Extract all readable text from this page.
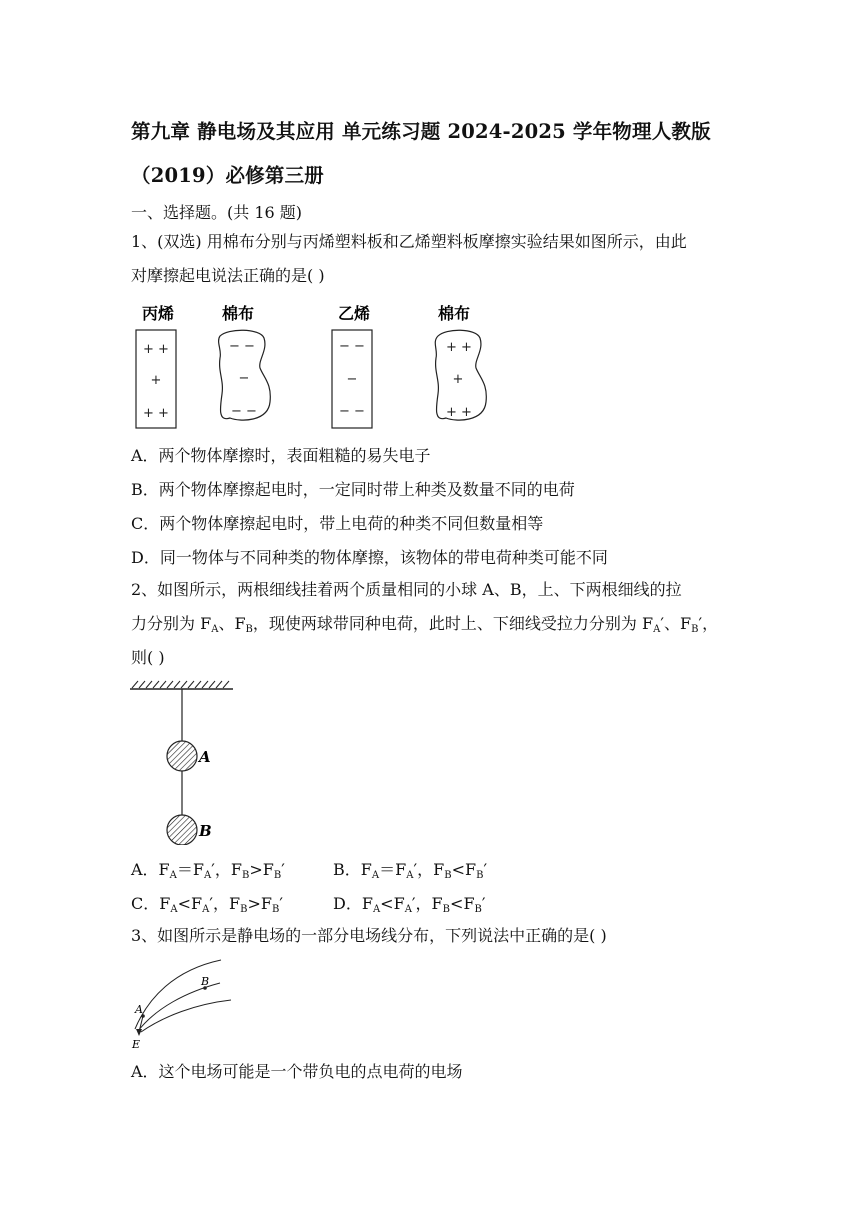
第九章 静电场及其应用 单元练习题 2024-2025 学年物理人教版
（2019）必修第三册
一、选择题。(共 16 题)
1、(双选) 用棉布分别与丙烯塑料板和乙烯塑料板摩擦实验结果如图所示，由此
对摩擦起电说法正确的是( )
丙烯	棉布	乙烯	棉布
+ +
+
+ +
− −
−
− −
− −
−
− −
+ +
+
+ +
A．两个物体摩擦时，表面粗糙的易失电子
B．两个物体摩擦起电时，一定同时带上种类及数量不同的电荷
C．两个物体摩擦起电时，带上电荷的种类不同但数量相等
D．同一物体与不同种类的物体摩擦，该物体的带电荷种类可能不同
2、如图所示，两根细线挂着两个质量相同的小球 A、B，上、下两根细线的拉
力分别为 $F_A$、$F_B$，现使两球带同种电荷，此时上、下细线受拉力分别为 $F_A'$、$F_B'$，
则( )
A
B
A．$F_A=F_A'$，$F_B>F_B'$	B．$F_A=F_A'$，$F_B<F_B'$
C．$F_A<F_A'$，$F_B>F_B'$	D．$F_A<F_A'$，$F_B<F_B'$
3、如图所示是静电场的一部分电场线分布，下列说法中正确的是( )
A
B
E
A．这个电场可能是一个带负电的点电荷的电场
